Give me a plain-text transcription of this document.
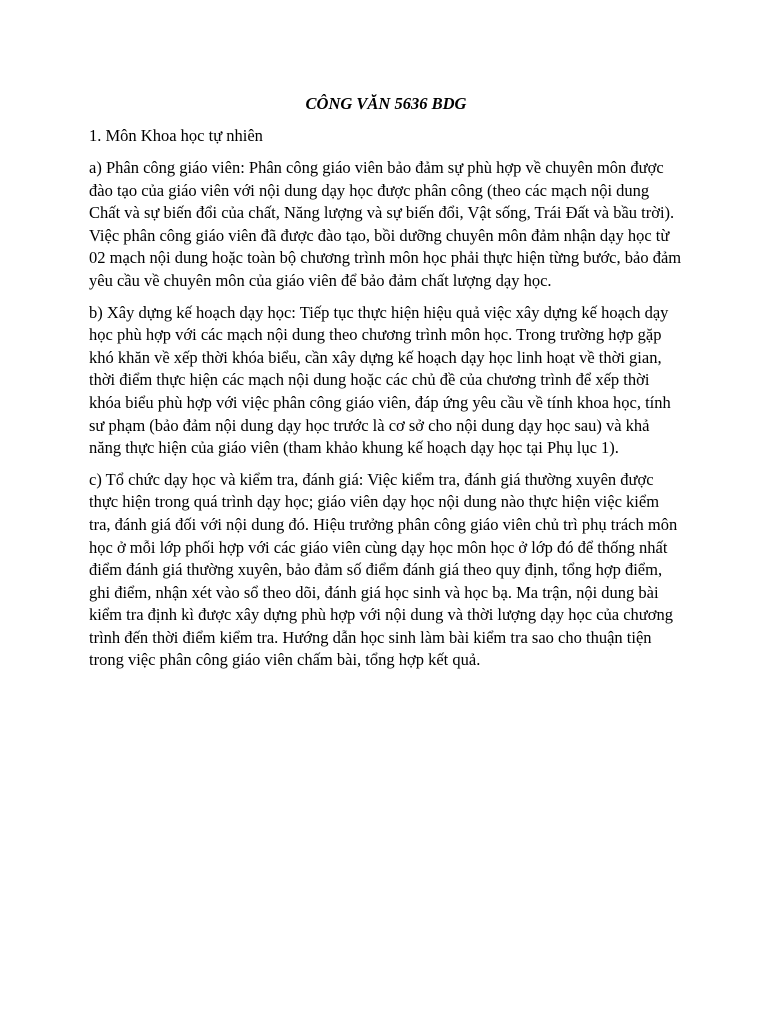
CÔNG VĂN 5636 BDG
1. Môn Khoa học tự nhiên

a) Phân công giáo viên: Phân công giáo viên bảo đảm sự phù hợp về chuyên môn được đào tạo của giáo viên với nội dung dạy học được phân công (theo các mạch nội dung Chất và sự biến đổi của chất, Năng lượng và sự biến đổi, Vật sống, Trái Đất và bầu trời). Việc phân công giáo viên đã được đào tạo, bồi dưỡng chuyên môn đảm nhận dạy học từ 02 mạch nội dung hoặc toàn bộ chương trình môn học phải thực hiện từng bước, bảo đảm yêu cầu về chuyên môn của giáo viên để bảo đảm chất lượng dạy học.

b) Xây dựng kế hoạch dạy học: Tiếp tục thực hiện hiệu quả việc xây dựng kế hoạch dạy học phù hợp với các mạch nội dung theo chương trình môn học. Trong trường hợp gặp khó khăn về xếp thời khóa biểu, cần xây dựng kế hoạch dạy học linh hoạt về thời gian, thời điểm thực hiện các mạch nội dung hoặc các chủ đề của chương trình để xếp thời khóa biểu phù hợp với việc phân công giáo viên, đáp ứng yêu cầu về tính khoa học, tính sư phạm (bảo đảm nội dung dạy học trước là cơ sở cho nội dung dạy học sau) và khả năng thực hiện của giáo viên (tham khảo khung kế hoạch dạy học tại Phụ lục 1).

c) Tổ chức dạy học và kiểm tra, đánh giá: Việc kiểm tra, đánh giá thường xuyên được thực hiện trong quá trình dạy học; giáo viên dạy học nội dung nào thực hiện việc kiểm tra, đánh giá đối với nội dung đó. Hiệu trưởng phân công giáo viên chủ trì phụ trách môn học ở mỗi lớp phối hợp với các giáo viên cùng dạy học môn học ở lớp đó để thống nhất điểm đánh giá thường xuyên, bảo đảm số điểm đánh giá theo quy định, tổng hợp điểm, ghi điểm, nhận xét vào sổ theo dõi, đánh giá học sinh và học bạ. Ma trận, nội dung bài kiểm tra định kì được xây dựng phù hợp với nội dung và thời lượng dạy học của chương trình đến thời điểm kiểm tra. Hướng dẫn học sinh làm bài kiểm tra sao cho thuận tiện trong việc phân công giáo viên chấm bài, tổng hợp kết quả.
